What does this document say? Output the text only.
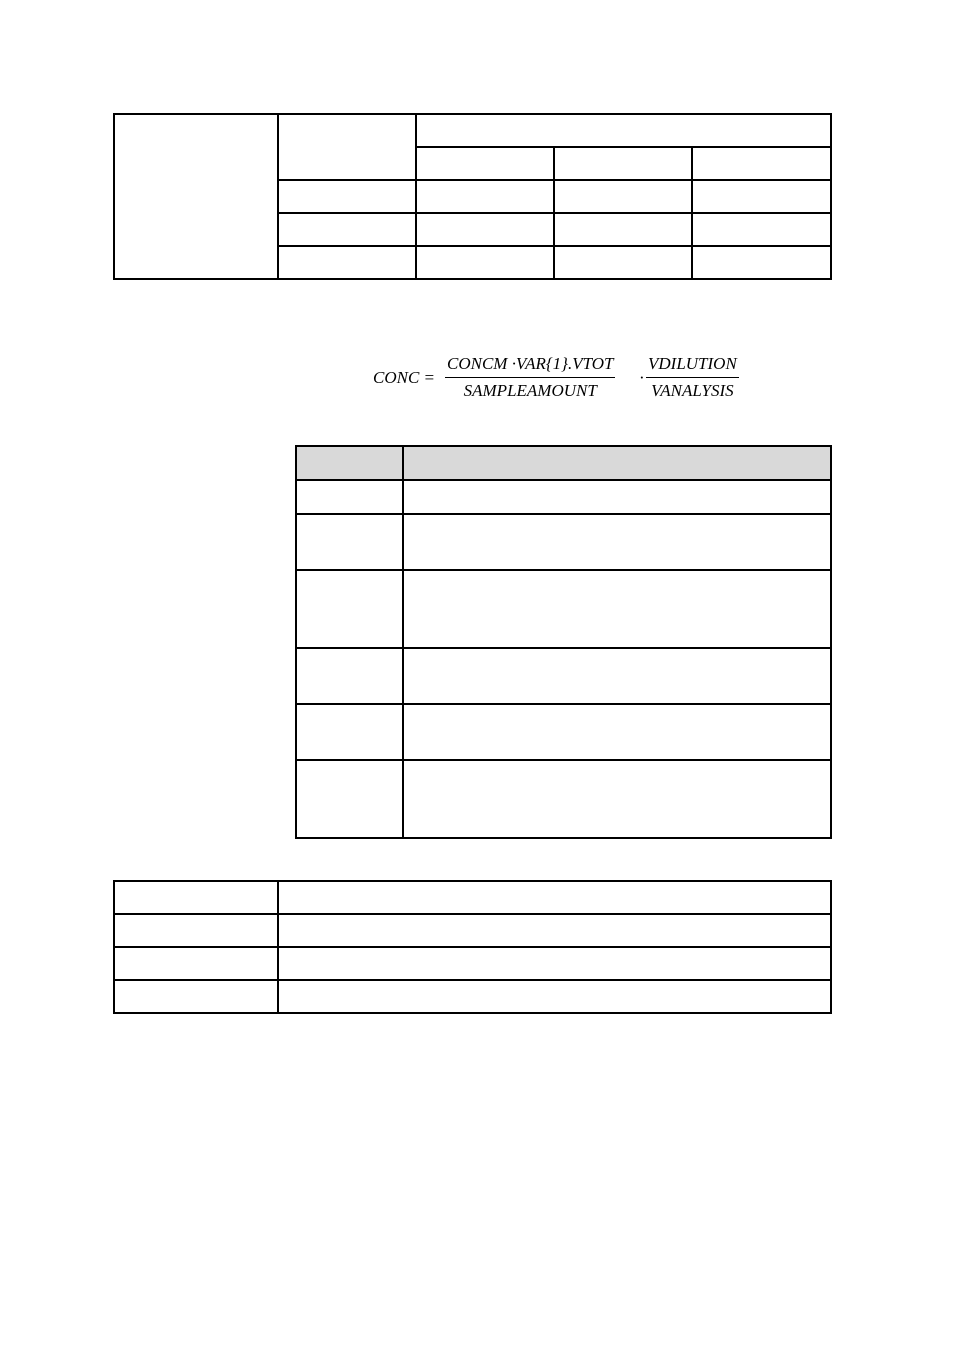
CONC =
CONCM ·VAR{1}.VTOT
SAMPLEAMOUNT
·
VDILUTION
VANALYSIS
